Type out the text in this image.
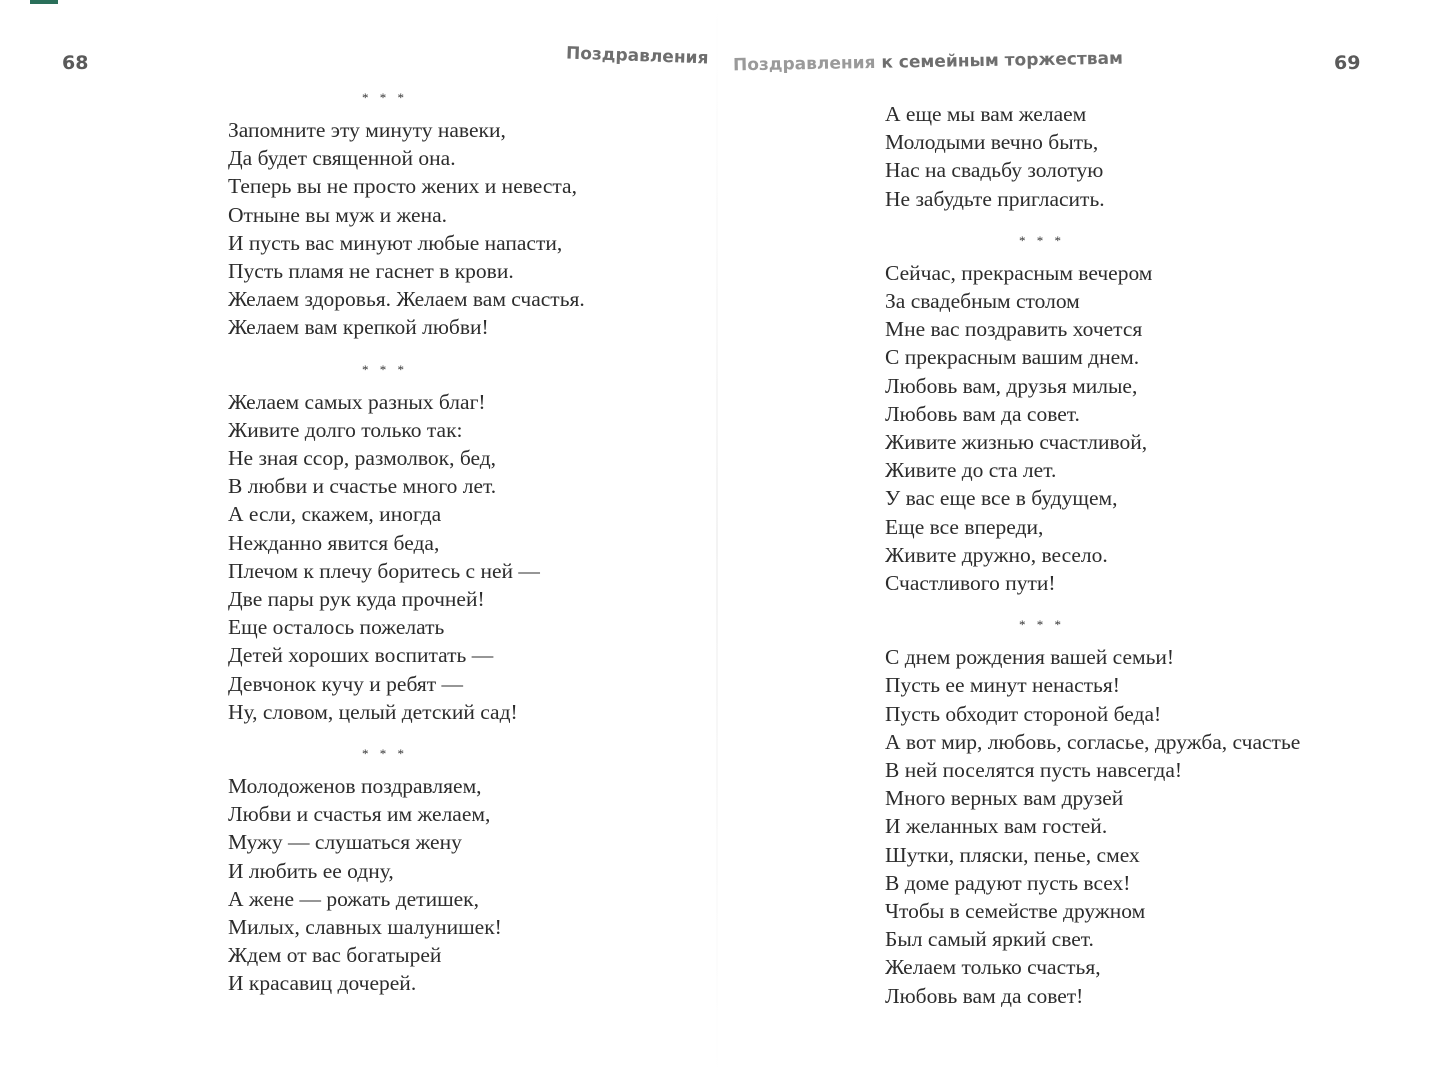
68	69
Поздравления Поздравления к семейным торжествам
* * *
Запомните эту минуту навеки,
Да будет священной она.
Теперь вы не просто жених и невеста,
Отныне вы муж и жена.
И пусть вас минуют любые напасти,
Пусть пламя не гаснет в крови.
Желаем здоровья. Желаем вам счастья.
Желаем вам крепкой любви!
* * *
Желаем самых разных благ!
Живите долго только так:
Не зная ссор, размолвок, бед,
В любви и счастье много лет.
А если, скажем, иногда
Нежданно явится беда,
Плечом к плечу боритесь с ней —
Две пары рук куда прочней!
Еще осталось пожелать
Детей хороших воспитать —
Девчонок кучу и ребят —
Ну, словом, целый детский сад!
* * *
Молодоженов поздравляем,
Любви и счастья им желаем,
Мужу — слушаться жену
И любить ее одну,
А жене — рожать детишек,
Милых, славных шалунишек!
Ждем от вас богатырей
И красавиц дочерей.
А еще мы вам желаем
Молодыми вечно быть,
Нас на свадьбу золотую
Не забудьте пригласить.
* * *
Сейчас, прекрасным вечером
За свадебным столом
Мне вас поздравить хочется
С прекрасным вашим днем.
Любовь вам, друзья милые,
Любовь вам да совет.
Живите жизнью счастливой,
Живите до ста лет.
У вас еще все в будущем,
Еще все впереди,
Живите дружно, весело.
Счастливого пути!
* * *
С днем рождения вашей семьи!
Пусть ее минут ненастья!
Пусть обходит стороной беда!
А вот мир, любовь, согласье, дружба, счастье
В ней поселятся пусть навсегда!
Много верных вам друзей
И желанных вам гостей.
Шутки, пляски, пенье, смех
В доме радуют пусть всех!
Чтобы в семействе дружном
Был самый яркий свет.
Желаем только счастья,
Любовь вам да совет!
